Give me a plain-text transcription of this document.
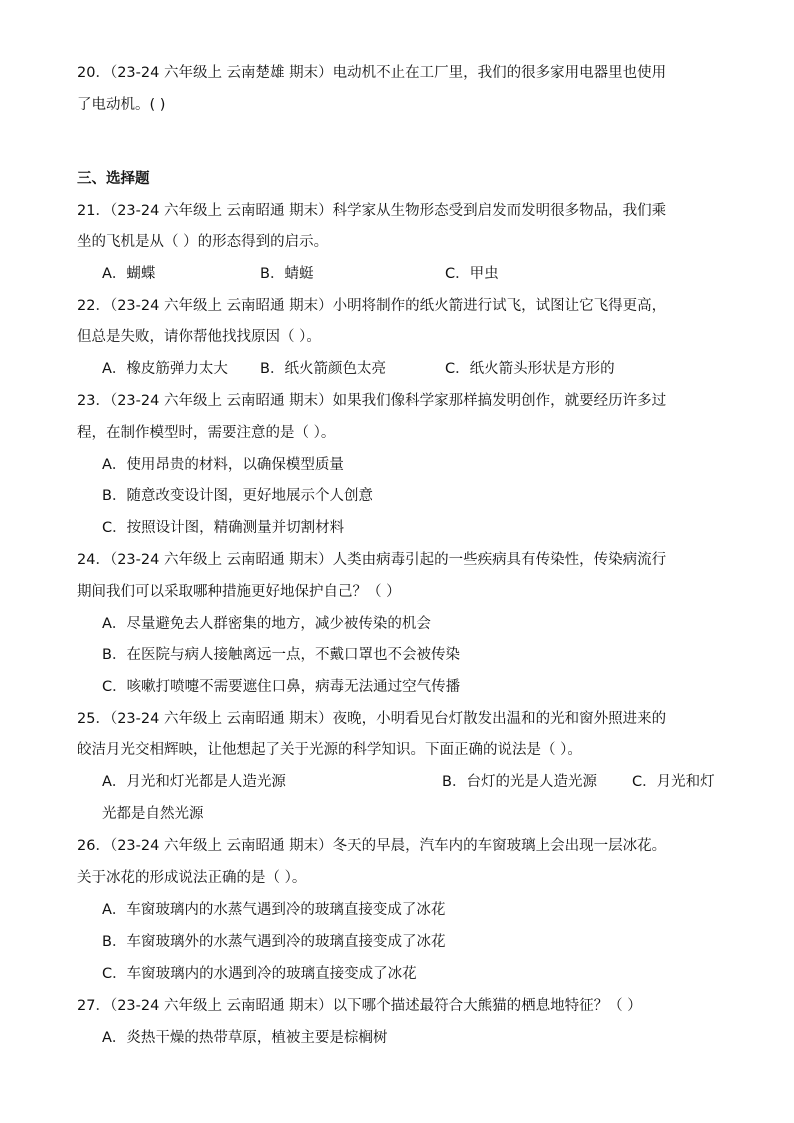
20．（23-24 六年级上 云南楚雄 期末）电动机不止在工厂里，我们的很多家用电器里也使用
了电动机。( )
三、选择题
21．（23-24 六年级上 云南昭通 期末）科学家从生物形态受到启发而发明很多物品，我们乘
坐的飞机是从（ ）的形态得到的启示。
A．蝴蝶	B．蜻蜓	C．甲虫
22．（23-24 六年级上 云南昭通 期末）小明将制作的纸火箭进行试飞，试图让它飞得更高，
但总是失败，请你帮他找找原因（ ）。
A．橡皮筋弹力太大 B．纸火箭颜色太亮	C．纸火箭头形状是方形的
23．（23-24 六年级上 云南昭通 期末）如果我们像科学家那样搞发明创作，就要经历许多过
程，在制作模型时，需要注意的是（ ）。
A．使用昂贵的材料，以确保模型质量
B．随意改变设计图，更好地展示个人创意
C．按照设计图，精确测量并切割材料
24．（23-24 六年级上 云南昭通 期末）人类由病毒引起的一些疾病具有传染性，传染病流行
期间我们可以采取哪种措施更好地保护自己？（ ）
A．尽量避免去人群密集的地方，减少被传染的机会
B．在医院与病人接触离远一点，不戴口罩也不会被传染
C．咳嗽打喷嚏不需要遮住口鼻，病毒无法通过空气传播
25．（23-24 六年级上 云南昭通 期末）夜晚，小明看见台灯散发出温和的光和窗外照进来的
皎洁月光交相辉映，让他想起了关于光源的科学知识。下面正确的说法是（ ）。
A．月光和灯光都是人造光源	B．台灯的光是人造光源 C．月光和灯
光都是自然光源
26．（23-24 六年级上 云南昭通 期末）冬天的早晨，汽车内的车窗玻璃上会出现一层冰花。
关于冰花的形成说法正确的是（ ）。
A．车窗玻璃内的水蒸气遇到冷的玻璃直接变成了冰花
B．车窗玻璃外的水蒸气遇到冷的玻璃直接变成了冰花
C．车窗玻璃内的水遇到冷的玻璃直接变成了冰花
27．（23-24 六年级上 云南昭通 期末）以下哪个描述最符合大熊猫的栖息地特征？（ ）
A．炎热干燥的热带草原，植被主要是棕榈树
